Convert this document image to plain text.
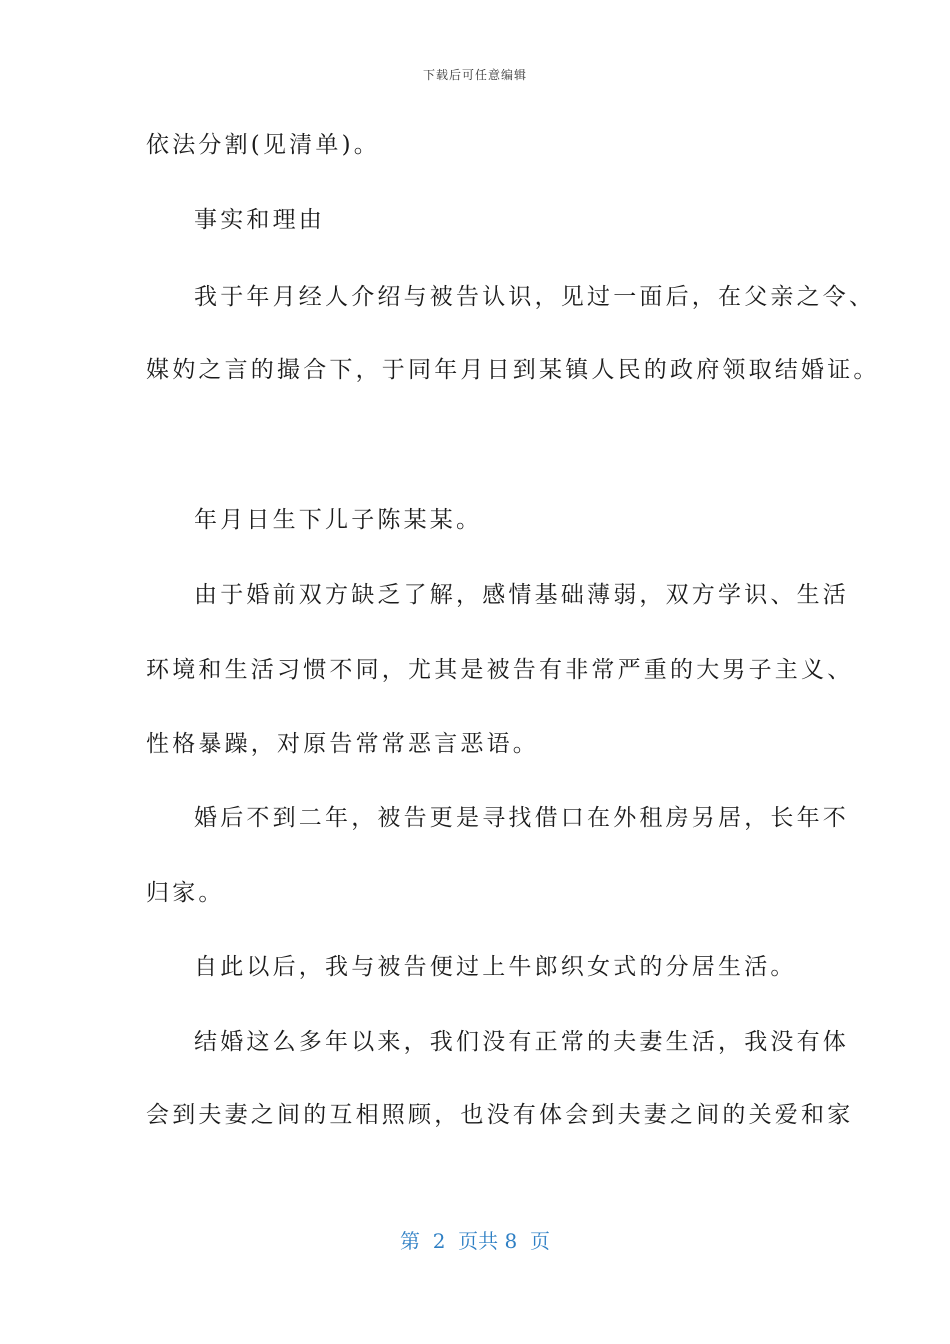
下载后可任意编辑
依法分割(见清单)。
事实和理由
我于年月经人介绍与被告认识，见过一面后，在父亲之令、
媒妁之言的撮合下，于同年月日到某镇人民的政府领取结婚证。
年月日生下儿子陈某某。
由于婚前双方缺乏了解，感情基础薄弱，双方学识、生活
环境和生活习惯不同，尤其是被告有非常严重的大男子主义、
性格暴躁，对原告常常恶言恶语。
婚后不到二年，被告更是寻找借口在外租房另居，长年不
归家。
自此以后，我与被告便过上牛郎织女式的分居生活。
结婚这么多年以来，我们没有正常的夫妻生活，我没有体
会到夫妻之间的互相照顾，也没有体会到夫妻之间的关爱和家
第  2  页共 8  页
